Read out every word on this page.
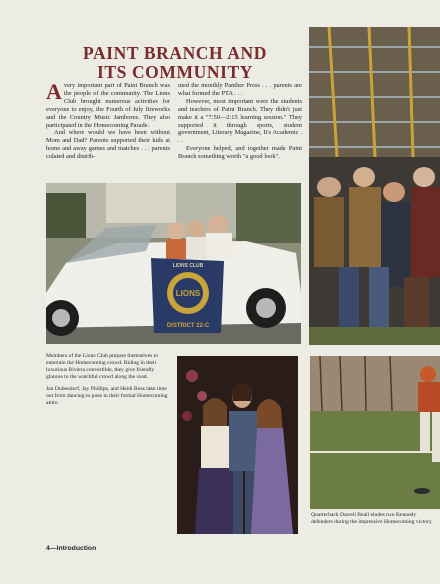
PAINT BRANCH AND
ITS COMMUNITY

Avery important part of Paint Branch was the people of the community. The Lions Club brought numerous activities for everyone to enjoy, the Fourth of July fireworks and the Country Music Jamboree. They also participated in the Homecoming Parade.

And where would we have been without Mom and Dad? Parents supported their kids at home and away games and matches . . . parents colated and distrib-

uted the monthly Panther Press . . . parents are what formed the PTA . . .

However, most important were the students and teachers of Paint Branch. They didn't just make it a "7:50—2:15 learning session." They supported it through sports, student government, Literary Magazine, It's Academic . . .

Everyone helped, and together made Paint Branch something worth "a good look".

LIONS
LIONS CLUB
DISTRICT 22-C

Members of the Lions Club prepare themselves to entertain the Homecoming crowd. Riding in their luxurious Riviera convertible, they give friendly glances to the watchful crowd along the road.

Jan Dubendorf, Jay Phillips, and Heidi Boss take time out from dancing to pose in their formal Homecoming attire.

Quarterback Darrell Beall eludes two Kennedy defenders during the impressive Homecoming victory.

4—Introduction
